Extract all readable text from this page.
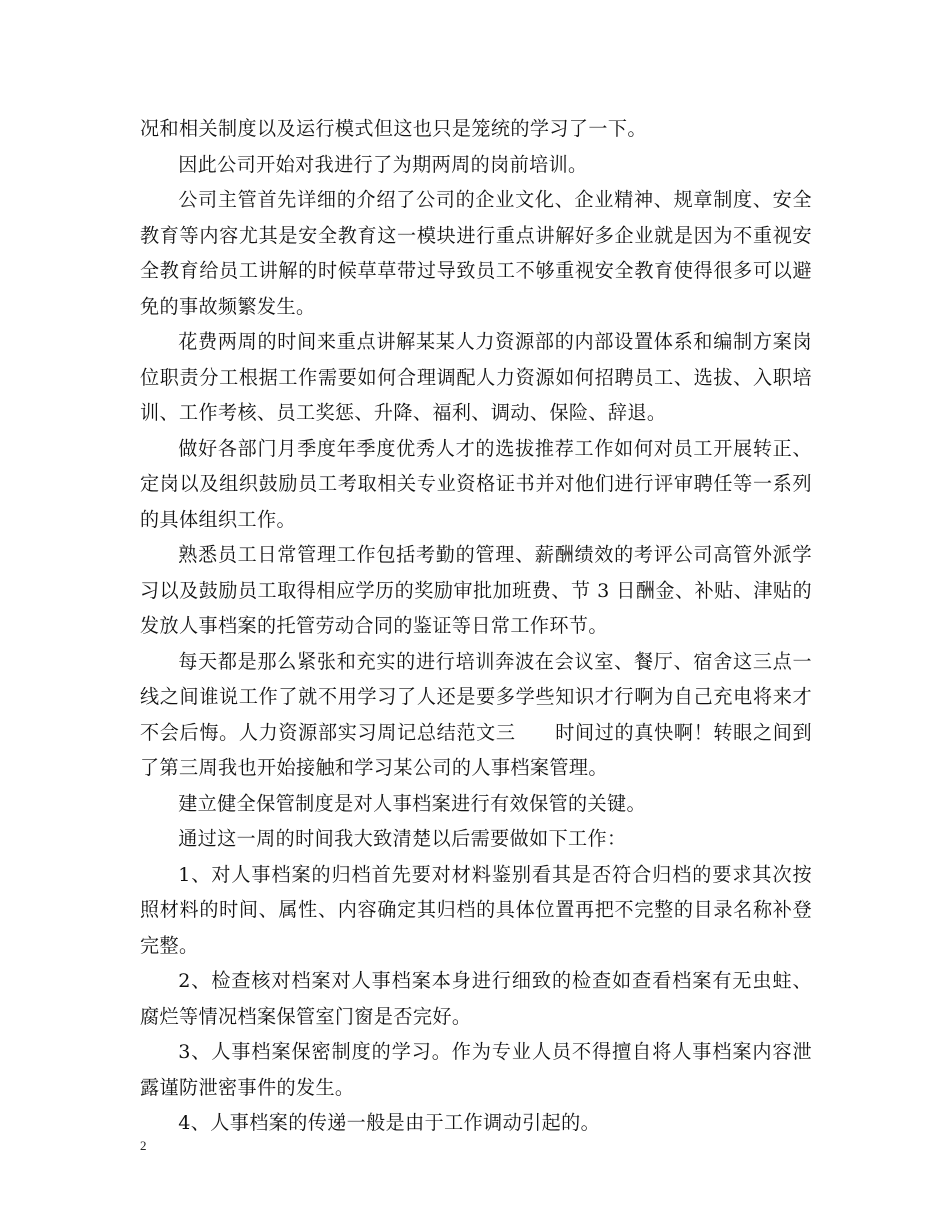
况和相关制度以及运行模式但这也只是笼统的学习了一下。

因此公司开始对我进行了为期两周的岗前培训。

公司主管首先详细的介绍了公司的企业文化、企业精神、规章制度、安全教育等内容尤其是安全教育这一模块进行重点讲解好多企业就是因为不重视安全教育给员工讲解的时候草草带过导致员工不够重视安全教育使得很多可以避免的事故频繁发生。

花费两周的时间来重点讲解某某人力资源部的内部设置体系和编制方案岗位职责分工根据工作需要如何合理调配人力资源如何招聘员工、选拔、入职培训、工作考核、员工奖惩、升降、福利、调动、保险、辞退。

做好各部门月季度年季度优秀人才的选拔推荐工作如何对员工开展转正、定岗以及组织鼓励员工考取相关专业资格证书并对他们进行评审聘任等一系列的具体组织工作。

熟悉员工日常管理工作包括考勤的管理、薪酬绩效的考评公司高管外派学习以及鼓励员工取得相应学历的奖励审批加班费、节 3 日酬金、补贴、津贴的发放人事档案的托管劳动合同的鉴证等日常工作环节。

每天都是那么紧张和充实的进行培训奔波在会议室、餐厅、宿舍这三点一线之间谁说工作了就不用学习了人还是要多学些知识才行啊为自己充电将来才不会后悔。人力资源部实习周记总结范文三　　时间过的真快啊！转眼之间到了第三周我也开始接触和学习某公司的人事档案管理。

建立健全保管制度是对人事档案进行有效保管的关键。

通过这一周的时间我大致清楚以后需要做如下工作：

1、对人事档案的归档首先要对材料鉴别看其是否符合归档的要求其次按照材料的时间、属性、内容确定其归档的具体位置再把不完整的目录名称补登完整。

2、检查核对档案对人事档案本身进行细致的检查如查看档案有无虫蛀、腐烂等情况档案保管室门窗是否完好。

3、人事档案保密制度的学习。作为专业人员不得擅自将人事档案内容泄露谨防泄密事件的发生。

4、人事档案的传递一般是由于工作调动引起的。

2
